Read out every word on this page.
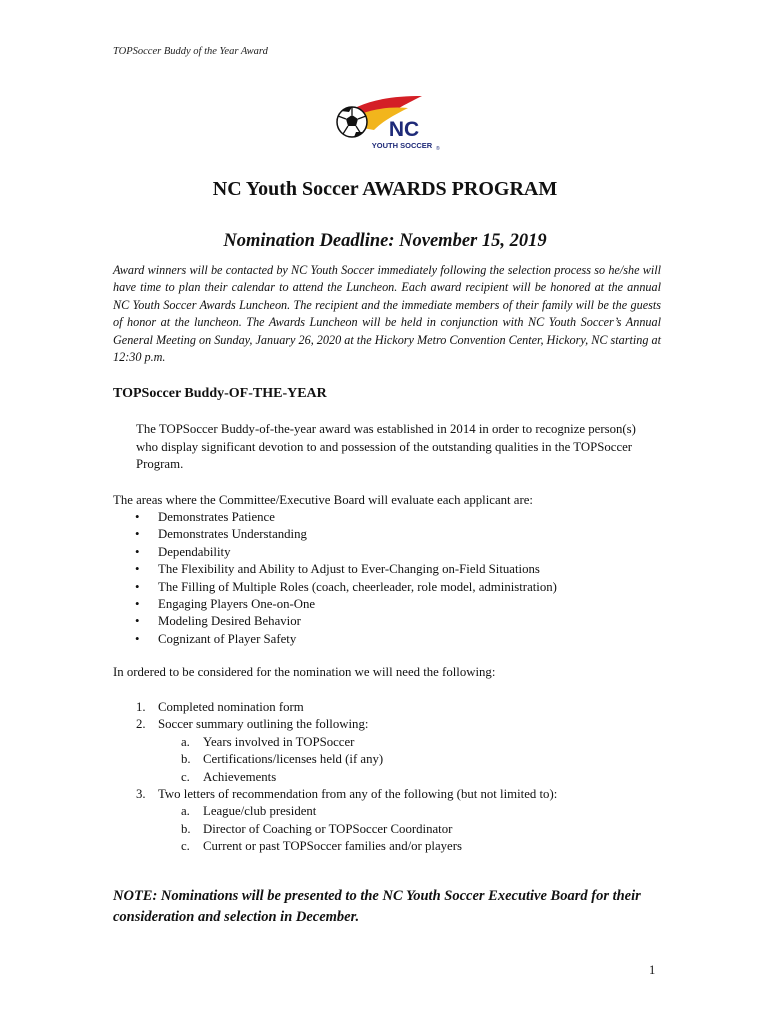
TOPSoccer Buddy of the Year Award
NC
YOUTH SOCCER ®
NC Youth Soccer AWARDS PROGRAM
Nomination Deadline: November 15, 2019
Award winners will be contacted by NC Youth Soccer immediately following the selection process so he/she will have time to plan their calendar to attend the Luncheon. Each award recipient will be honored at the annual NC Youth Soccer Awards Luncheon. The recipient and the immediate members of their family will be the guests of honor at the luncheon. The Awards Luncheon will be held in conjunction with NC Youth Soccer’s Annual General Meeting on Sunday, January 26, 2020 at the Hickory Metro Convention Center, Hickory, NC starting at 12:30 p.m.
TOPSoccer Buddy-OF-THE-YEAR
The TOPSoccer Buddy-of-the-year award was established in 2014 in order to recognize person(s) who display significant devotion to and possession of the outstanding qualities in the TOPSoccer Program.
The areas where the Committee/Executive Board will evaluate each applicant are:
• Demonstrates Patience
• Demonstrates Understanding
• Dependability
• The Flexibility and Ability to Adjust to Ever-Changing on-Field Situations
• The Filling of Multiple Roles (coach, cheerleader, role model, administration)
• Engaging Players One-on-One
• Modeling Desired Behavior
• Cognizant of Player Safety
In ordered to be considered for the nomination we will need the following:
1. Completed nomination form
2. Soccer summary outlining the following:
a. Years involved in TOPSoccer
b. Certifications/licenses held (if any)
c. Achievements
3. Two letters of recommendation from any of the following (but not limited to):
a. League/club president
b. Director of Coaching or TOPSoccer Coordinator
c. Current or past TOPSoccer families and/or players
NOTE: Nominations will be presented to the NC Youth Soccer Executive Board for their consideration and selection in December.
1
